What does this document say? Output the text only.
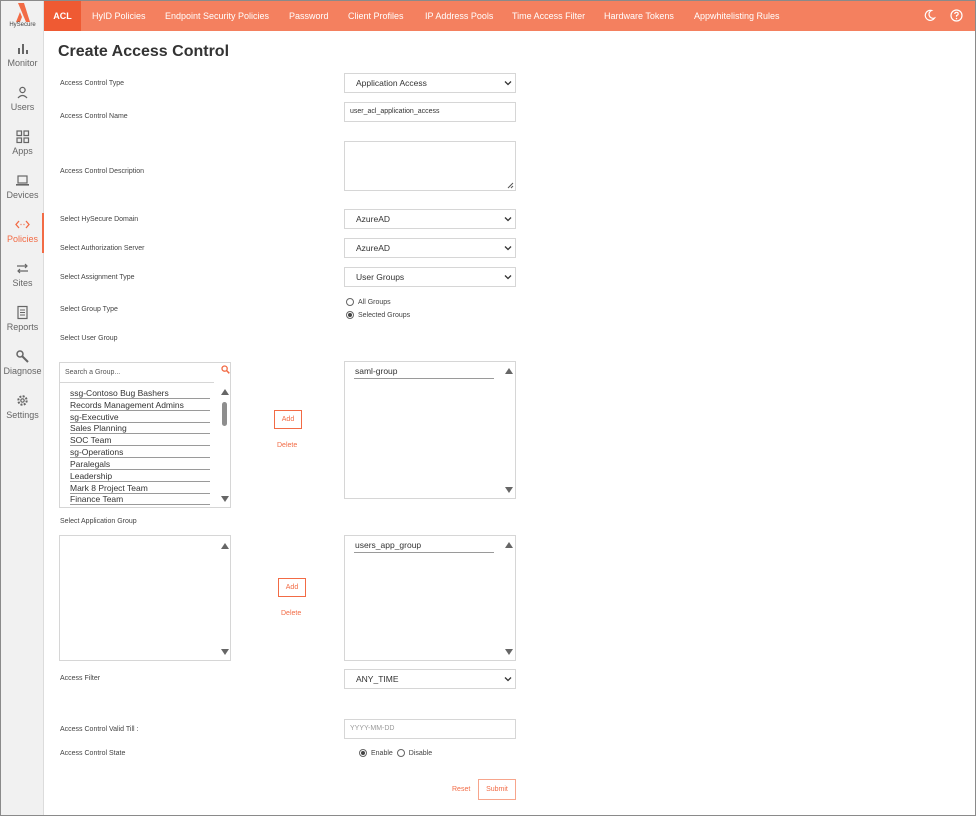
HySecure
Monitor
Users
Apps
Devices
Policies
Sites
Reports
Diagnose
Settings
ACL	HyID Policies Endpoint Security Policies Password Client Profiles IP Address Pools Time Access Filter Hardware Tokens Appwhitelisting Rules
Create Access Control
Access Control Type	Application Access
Access Control Name
user_acl_application_access
Access Control Description
Select HySecure Domain	AzureAD
Select Authorization Server	AzureAD
Select Assignment Type	User Groups
Select Group Type
All Groups
Selected Groups
Select User Group
Search a Group...
ssg-Contoso Bug Bashers
Records Management Admins
sg-Executive
Sales Planning
SOC Team
sg-Operations
Paralegals
Leadership
Mark 8 Project Team
Finance Team
Add
Delete
saml-group
Select Application Group
Add
Delete
users_app_group
Access Filter	ANY_TIME
Access Control Valid Till :	YYYY-MM-DD
Access Control State	Enable Disable
Reset	Submit
